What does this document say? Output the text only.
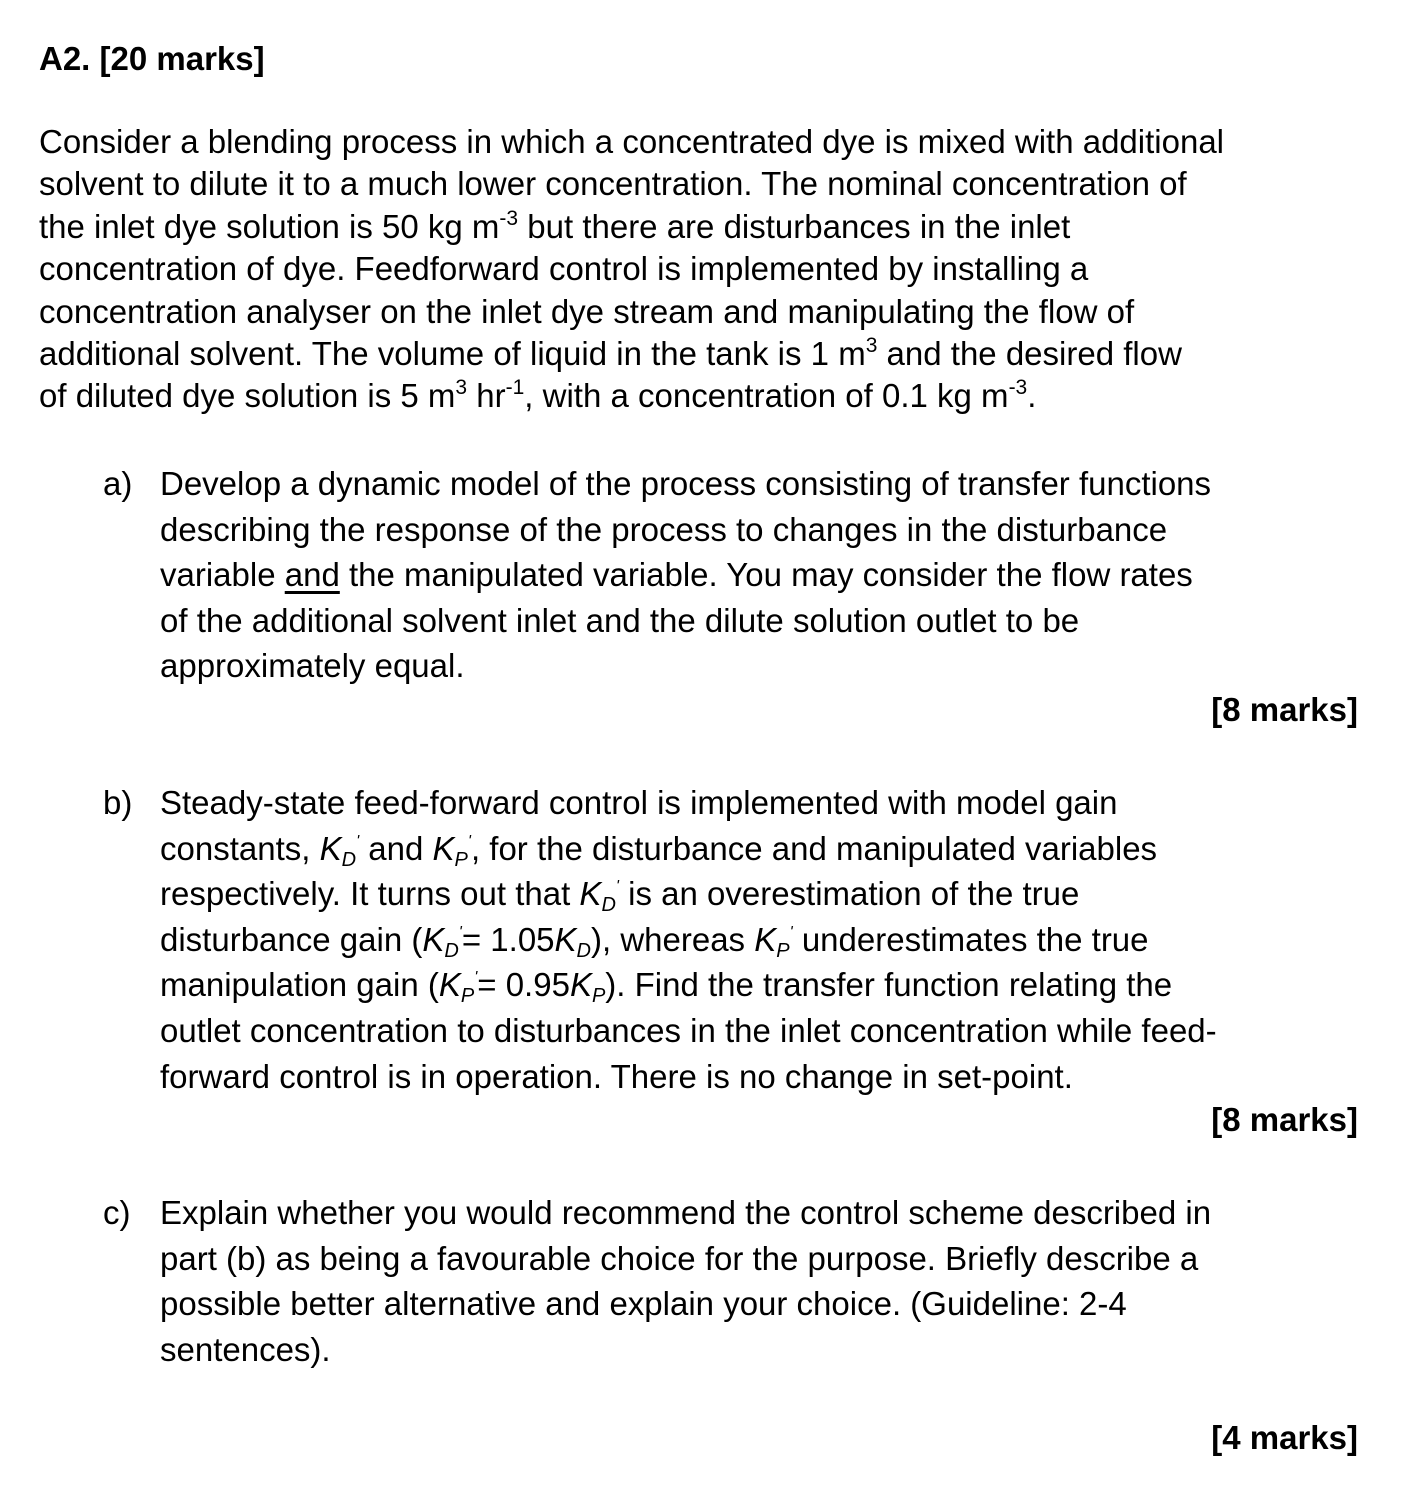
A2. [20 marks]
Consider a blending process in which a concentrated dye is mixed with additional
solvent to dilute it to a much lower concentration. The nominal concentration of
the inlet dye solution is 50 kg $m^{-3}$ but there are disturbances in the inlet
concentration of dye. Feedforward control is implemented by installing a
concentration analyser on the inlet dye stream and manipulating the flow of
additional solvent. The volume of liquid in the tank is 1 $m^3$ and the desired flow
of diluted dye solution is 5 $m^3$ $hr^{-1}$, with a concentration of 0.1 kg $m^{-3}$.
a) Develop a dynamic model of the process consisting of transfer functions
describing the response of the process to changes in the disturbance
variable and the manipulated variable. You may consider the flow rates
of the additional solvent inlet and the dilute solution outlet to be
approximately equal.
[8 marks]
b) Steady-state feed-forward control is implemented with model gain
constants, $K_D'$ and $K_P'$, for the disturbance and manipulated variables
respectively. It turns out that $K_D'$ is an overestimation of the true
disturbance gain $(K_D'= 1.05K_D)$, whereas $K_P'$ underestimates the true
manipulation gain $(K_P'= 0.95K_P)$. Find the transfer function relating the
outlet concentration to disturbances in the inlet concentration while feed-
forward control is in operation. There is no change in set-point.
[8 marks]
c) Explain whether you would recommend the control scheme described in
part (b) as being a favourable choice for the purpose. Briefly describe a
possible better alternative and explain your choice. (Guideline: 2-4
sentences).
[4 marks]
